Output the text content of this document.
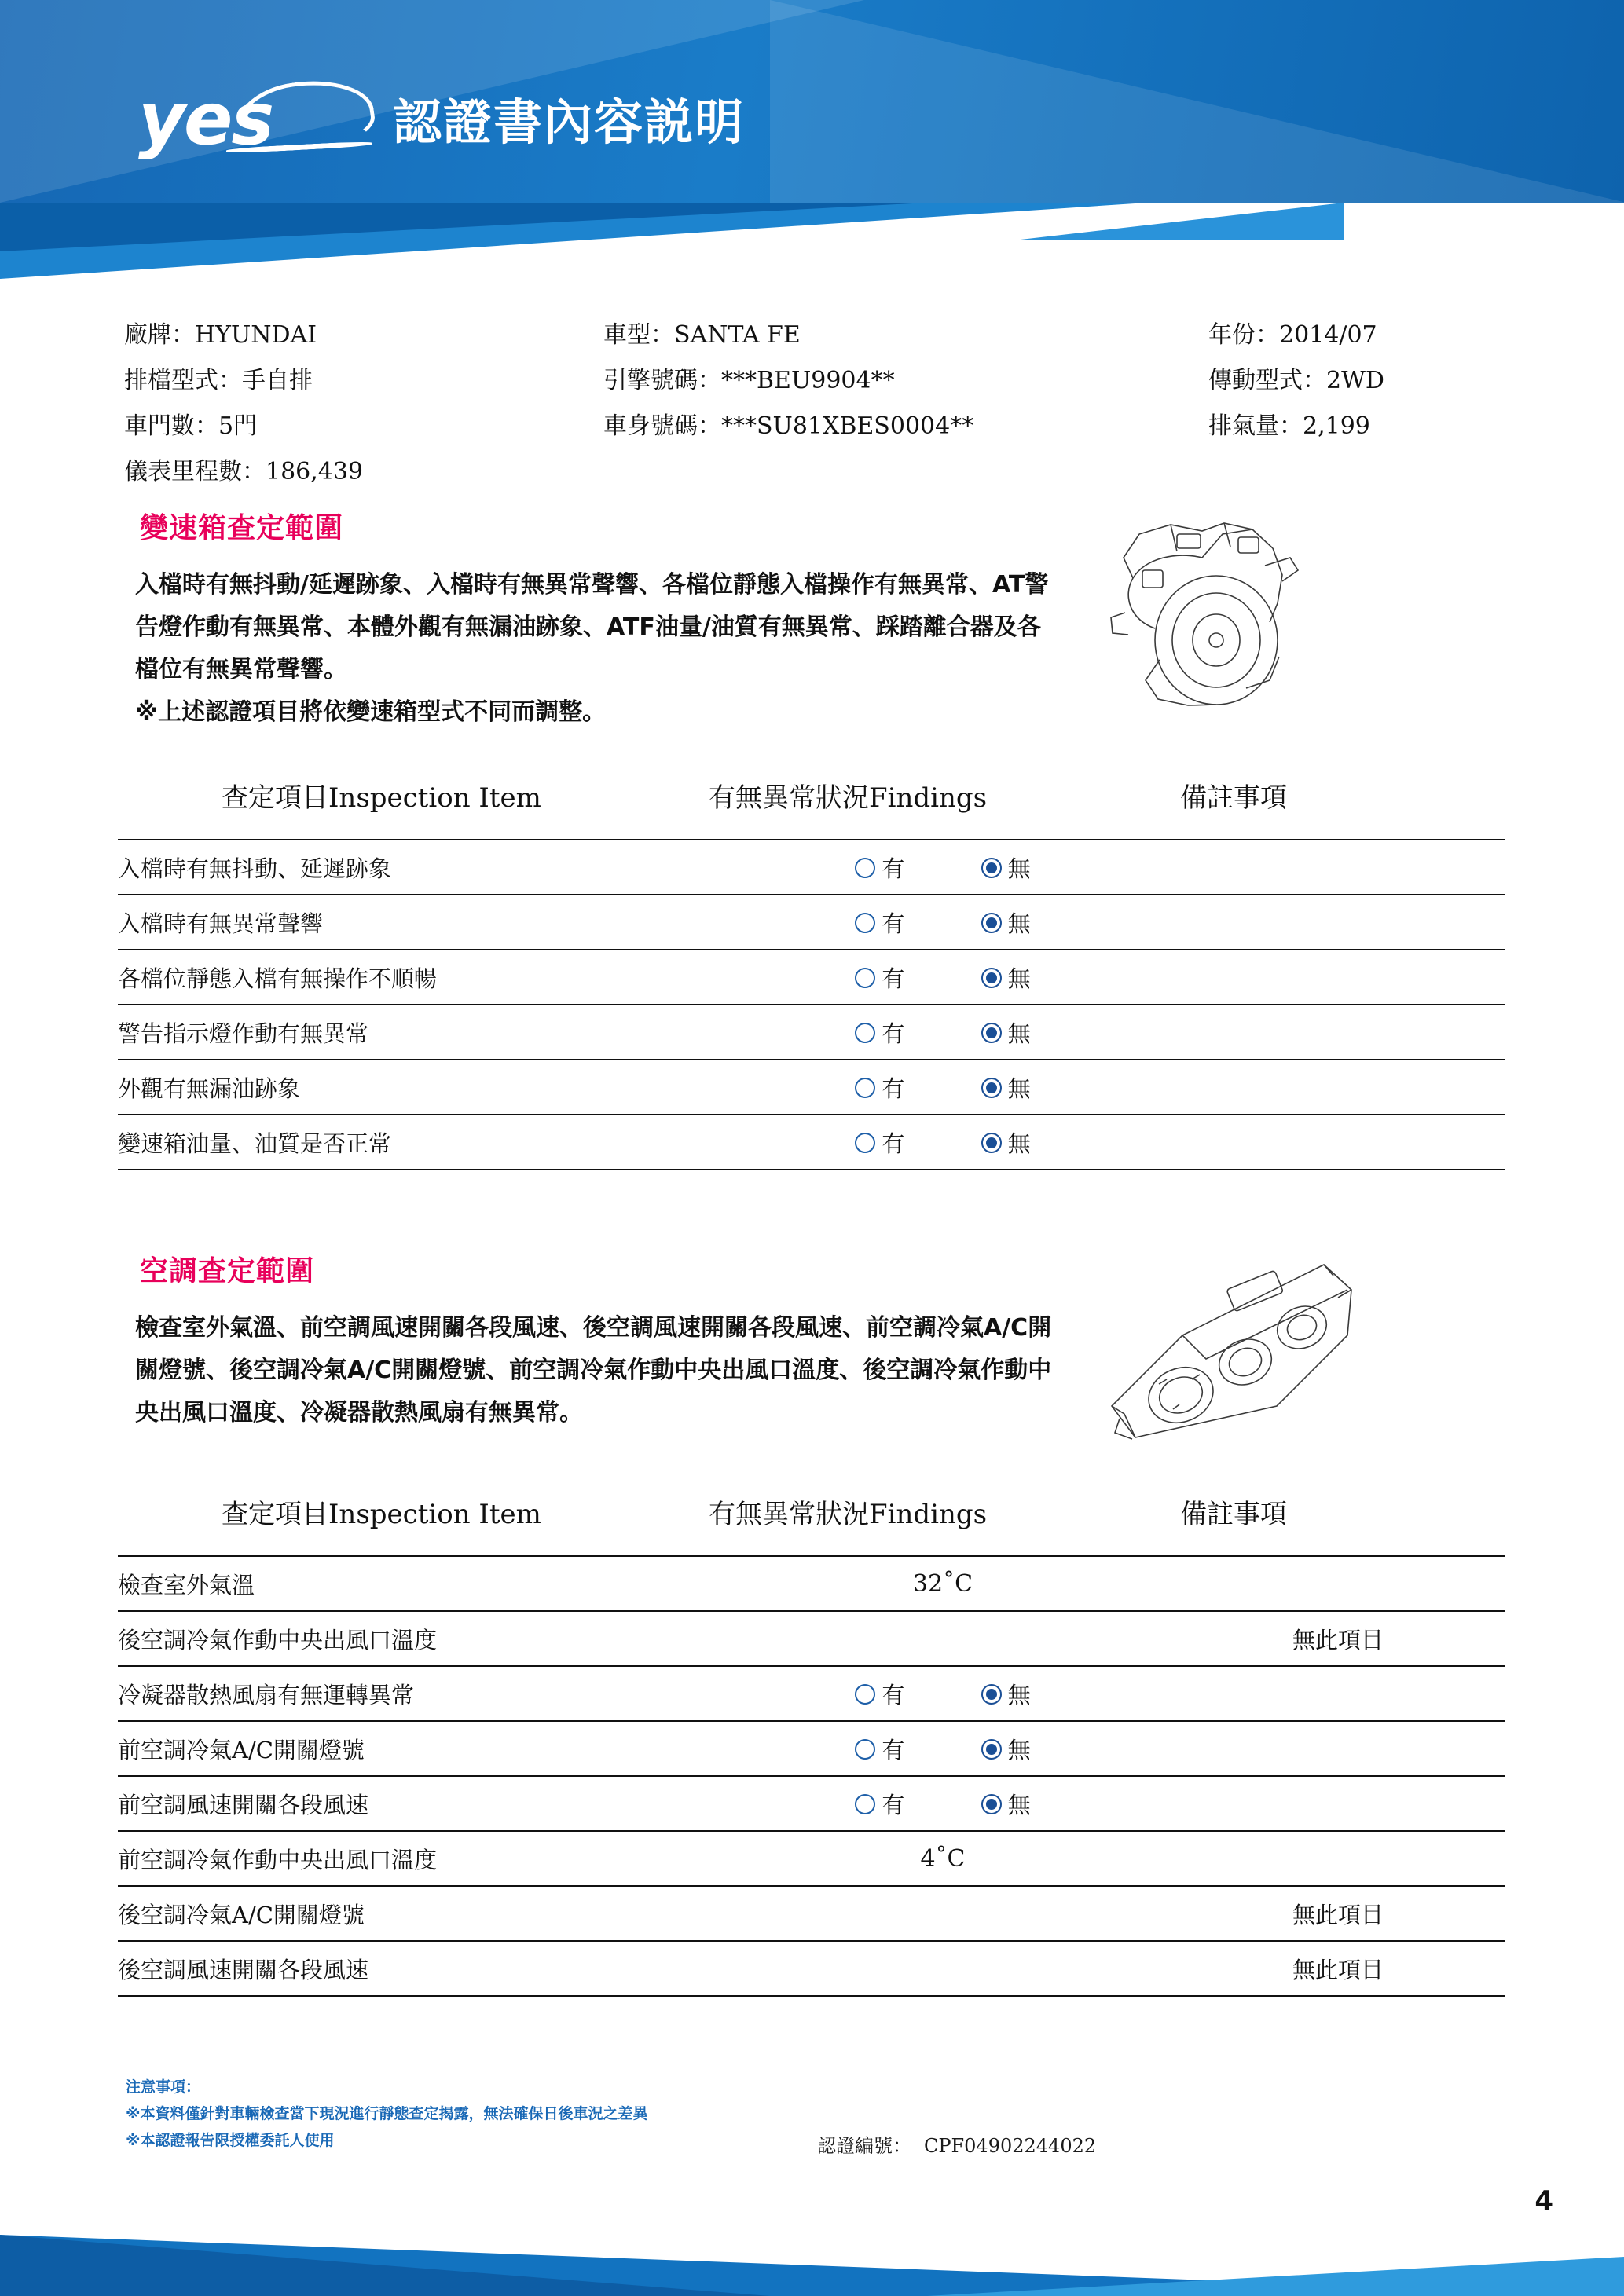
yes 認證書內容説明
廠牌：HYUNDAI
排檔型式：手自排
車門數：5門
儀表里程數：186,439
車型：SANTA FE
引擎號碼：***BEU9904**
車身號碼：***SU81XBES0004**
年份：2014/07
傳動型式：2WD
排氣量：2,199
變速箱查定範圍
入檔時有無抖動/延遲跡象、入檔時有無異常聲響、各檔位靜態入檔操作有無異常、AT警告燈作動有無異常、本體外觀有無漏油跡象、ATF油量/油質有無異常、踩踏離合器及各檔位有無異常聲響。
※上述認證項目將依變速箱型式不同而調整。
查定項目Inspection Item	有無異常狀況Findings	備註事項
入檔時有無抖動、延遲跡象	有 無	
入檔時有無異常聲響	有 無	
各檔位靜態入檔有無操作不順暢	有 無	
警告指示燈作動有無異常	有 無	
外觀有無漏油跡象	有 無	
變速箱油量、油質是否正常	有 無	
空調查定範圍
檢查室外氣溫、前空調風速開關各段風速、後空調風速開關各段風速、前空調冷氣A/C開關燈號、後空調冷氣A/C開關燈號、前空調冷氣作動中央出風口溫度、後空調冷氣作動中央出風口溫度、冷凝器散熱風扇有無異常。
查定項目Inspection Item	有無異常狀況Findings	備註事項
檢查室外氣溫	32˚C	
後空調冷氣作動中央出風口溫度		無此項目
冷凝器散熱風扇有無運轉異常	有 無	
前空調冷氣A/C開關燈號	有 無	
前空調風速開關各段風速	有 無	
前空調冷氣作動中央出風口溫度	4˚C	
後空調冷氣A/C開關燈號		無此項目
後空調風速開關各段風速		無此項目
注意事項：
※本資料僅針對車輛檢查當下現況進行靜態查定揭露，無法確保日後車況之差異
※本認證報告限授權委託人使用	認證編號： CPF04902244022
4
